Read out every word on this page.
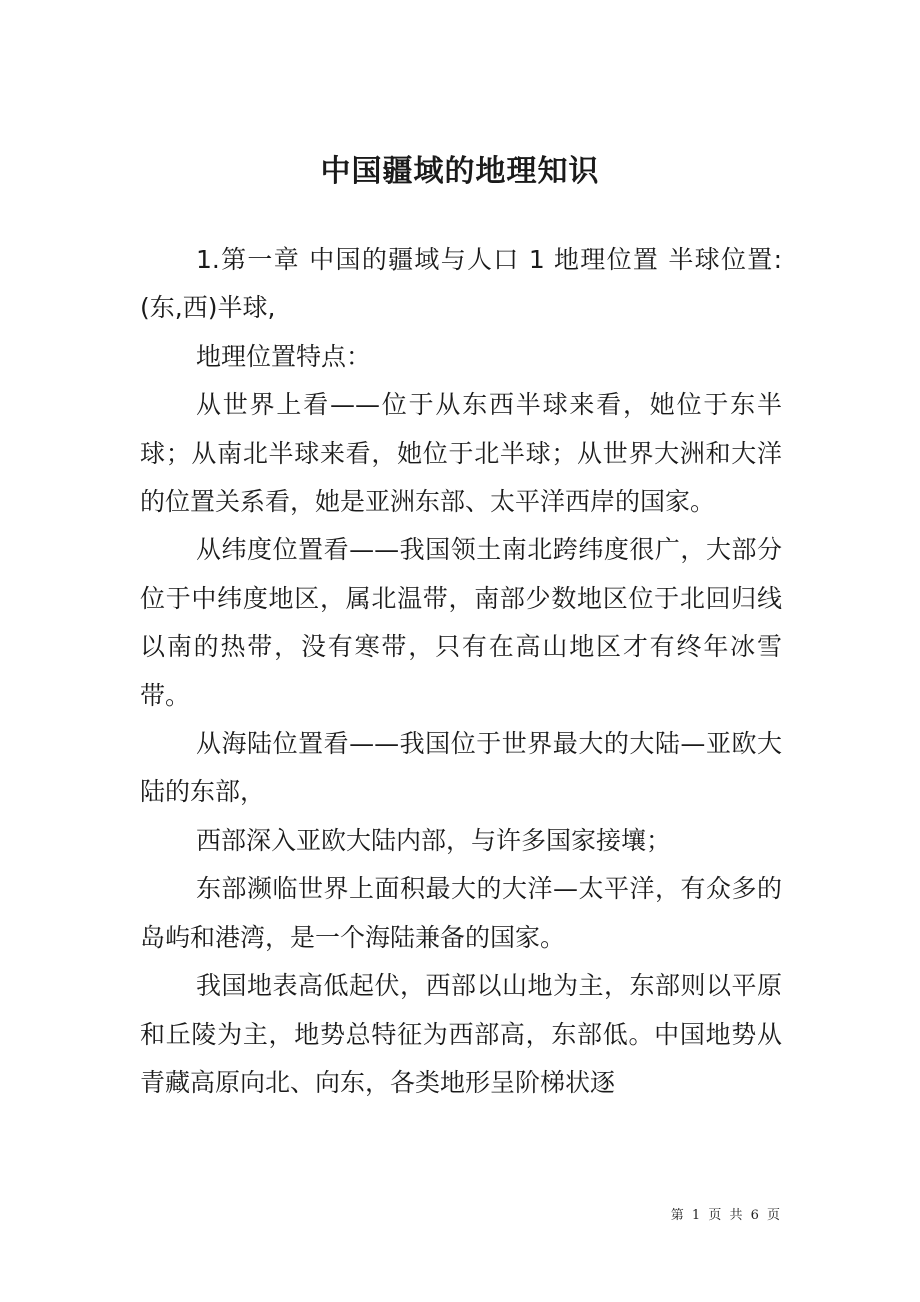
中国疆域的地理知识

1.第一章 中国的疆域与人口 1 地理位置 半球位置: (东,西)半球,

地理位置特点：

从世界上看——位于从东西半球来看，她位于东半球；从南北半球来看，她位于北半球；从世界大洲和大洋的位置关系看，她是亚洲东部、太平洋西岸的国家。

从纬度位置看——我国领土南北跨纬度很广，大部分位于中纬度地区，属北温带，南部少数地区位于北回归线以南的热带，没有寒带，只有在高山地区才有终年冰雪带。

从海陆位置看——我国位于世界最大的大陆—亚欧大陆的东部，

西部深入亚欧大陆内部，与许多国家接壤；

东部濒临世界上面积最大的大洋—太平洋，有众多的岛屿和港湾，是一个海陆兼备的国家。

我国地表高低起伏，西部以山地为主，东部则以平原和丘陵为主，地势总特征为西部高，东部低。中国地势从青藏高原向北、向东，各类地形呈阶梯状逐

第 1 页 共 6 页
